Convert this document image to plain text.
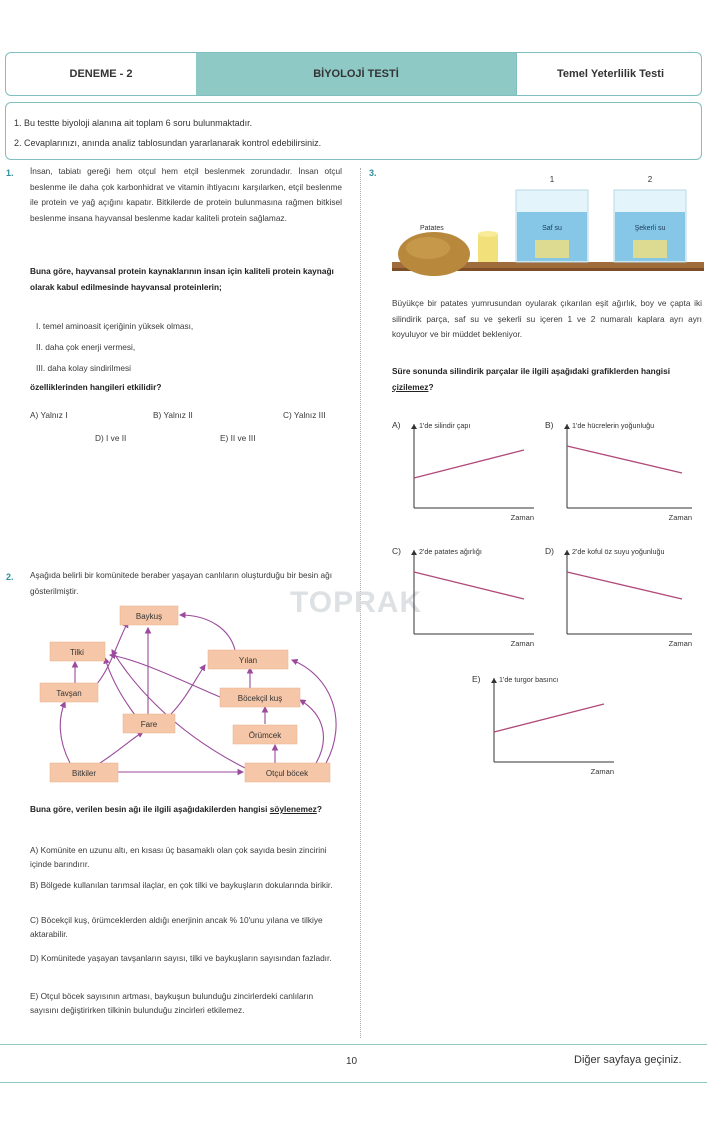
DENEME - 2	BİYOLOJİ TESTİ	Temel Yeterlilik Testi
1. Bu testte biyoloji alanına ait toplam 6 soru bulunmaktadır.
2. Cevaplarınızı, anında analiz tablosundan yararlanarak kontrol edebilirsiniz.
1. İnsan, tabiatı gereği hem otçul hem etçil beslenmek zorundadır. İnsan otçul beslenme ile daha çok karbonhidrat ve vitamin ihtiyacını karşılarken, etçil beslenme ile protein ve yağ açığını kapatır. Bitkilerde de protein bulunmasına rağmen bitkisel beslenme insana hayvansal beslenme kadar kaliteli protein sağlamaz.
Buna göre, hayvansal protein kaynaklarının insan için kaliteli protein kaynağı olarak kabul edilmesinde hayvansal proteinlerin;
I. temel aminoasit içeriğinin yüksek olması,
II. daha çok enerji vermesi,
III. daha kolay sindirilmesi
özelliklerinden hangileri etkilidir?
A) Yalnız I	B) Yalnız II	C) Yalnız III
D) I ve II	E) II ve III
2. Aşağıda belirli bir komünitede beraber yaşayan canlıların oluşturduğu bir besin ağı gösterilmiştir.	TOPRAK
Baykuş
Tilki
Yılan
Tavşan
Böcekçil kuş
Fare
Örümcek
Bitkiler	Otçul böcek
Buna göre, verilen besin ağı ile ilgili aşağıdakilerden hangisi söylenemez?
A) Komünite en uzunu altı, en kısası üç basamaklı olan çok sayıda besin zincirini içinde barındırır.
B) Bölgede kullanılan tarımsal ilaçlar, en çok tilki ve baykuşların dokularında birikir.
C) Böcekçil kuş, örümceklerden aldığı enerjinin ancak % 10'unu yılana ve tilkiye aktarabilir.
D) Komünitede yaşayan tavşanların sayısı, tilki ve baykuşların sayısından fazladır.
E) Otçul böcek sayısının artması, baykuşun bulunduğu zincirlerdeki canlıların sayısını değiştirirken tilkinin bulunduğu zincirleri etkilemez.
3.
Patates
1
Saf su
2
Şekerli su
Büyükçe bir patates yumrusundan oyularak çıkarılan eşit ağırlık, boy ve çapta iki silindirik parça, saf su ve şekerli su içeren 1 ve 2 numaralı kaplara ayrı ayrı koyuluyor ve bir müddet bekleniyor.
Süre sonunda silindirik parçalar ile ilgili aşağıdaki grafiklerden hangisi çizilemez?
A)	1'de silindir çapı
Zaman
B)	1'de hücrelerin yoğunluğu
Zaman
C)	2'de patates ağırlığı
Zaman
D)	2'de koful öz suyu yoğunluğu
Zaman
E)	1'de turgor basıncı
Zaman
10	Diğer sayfaya geçiniz.
